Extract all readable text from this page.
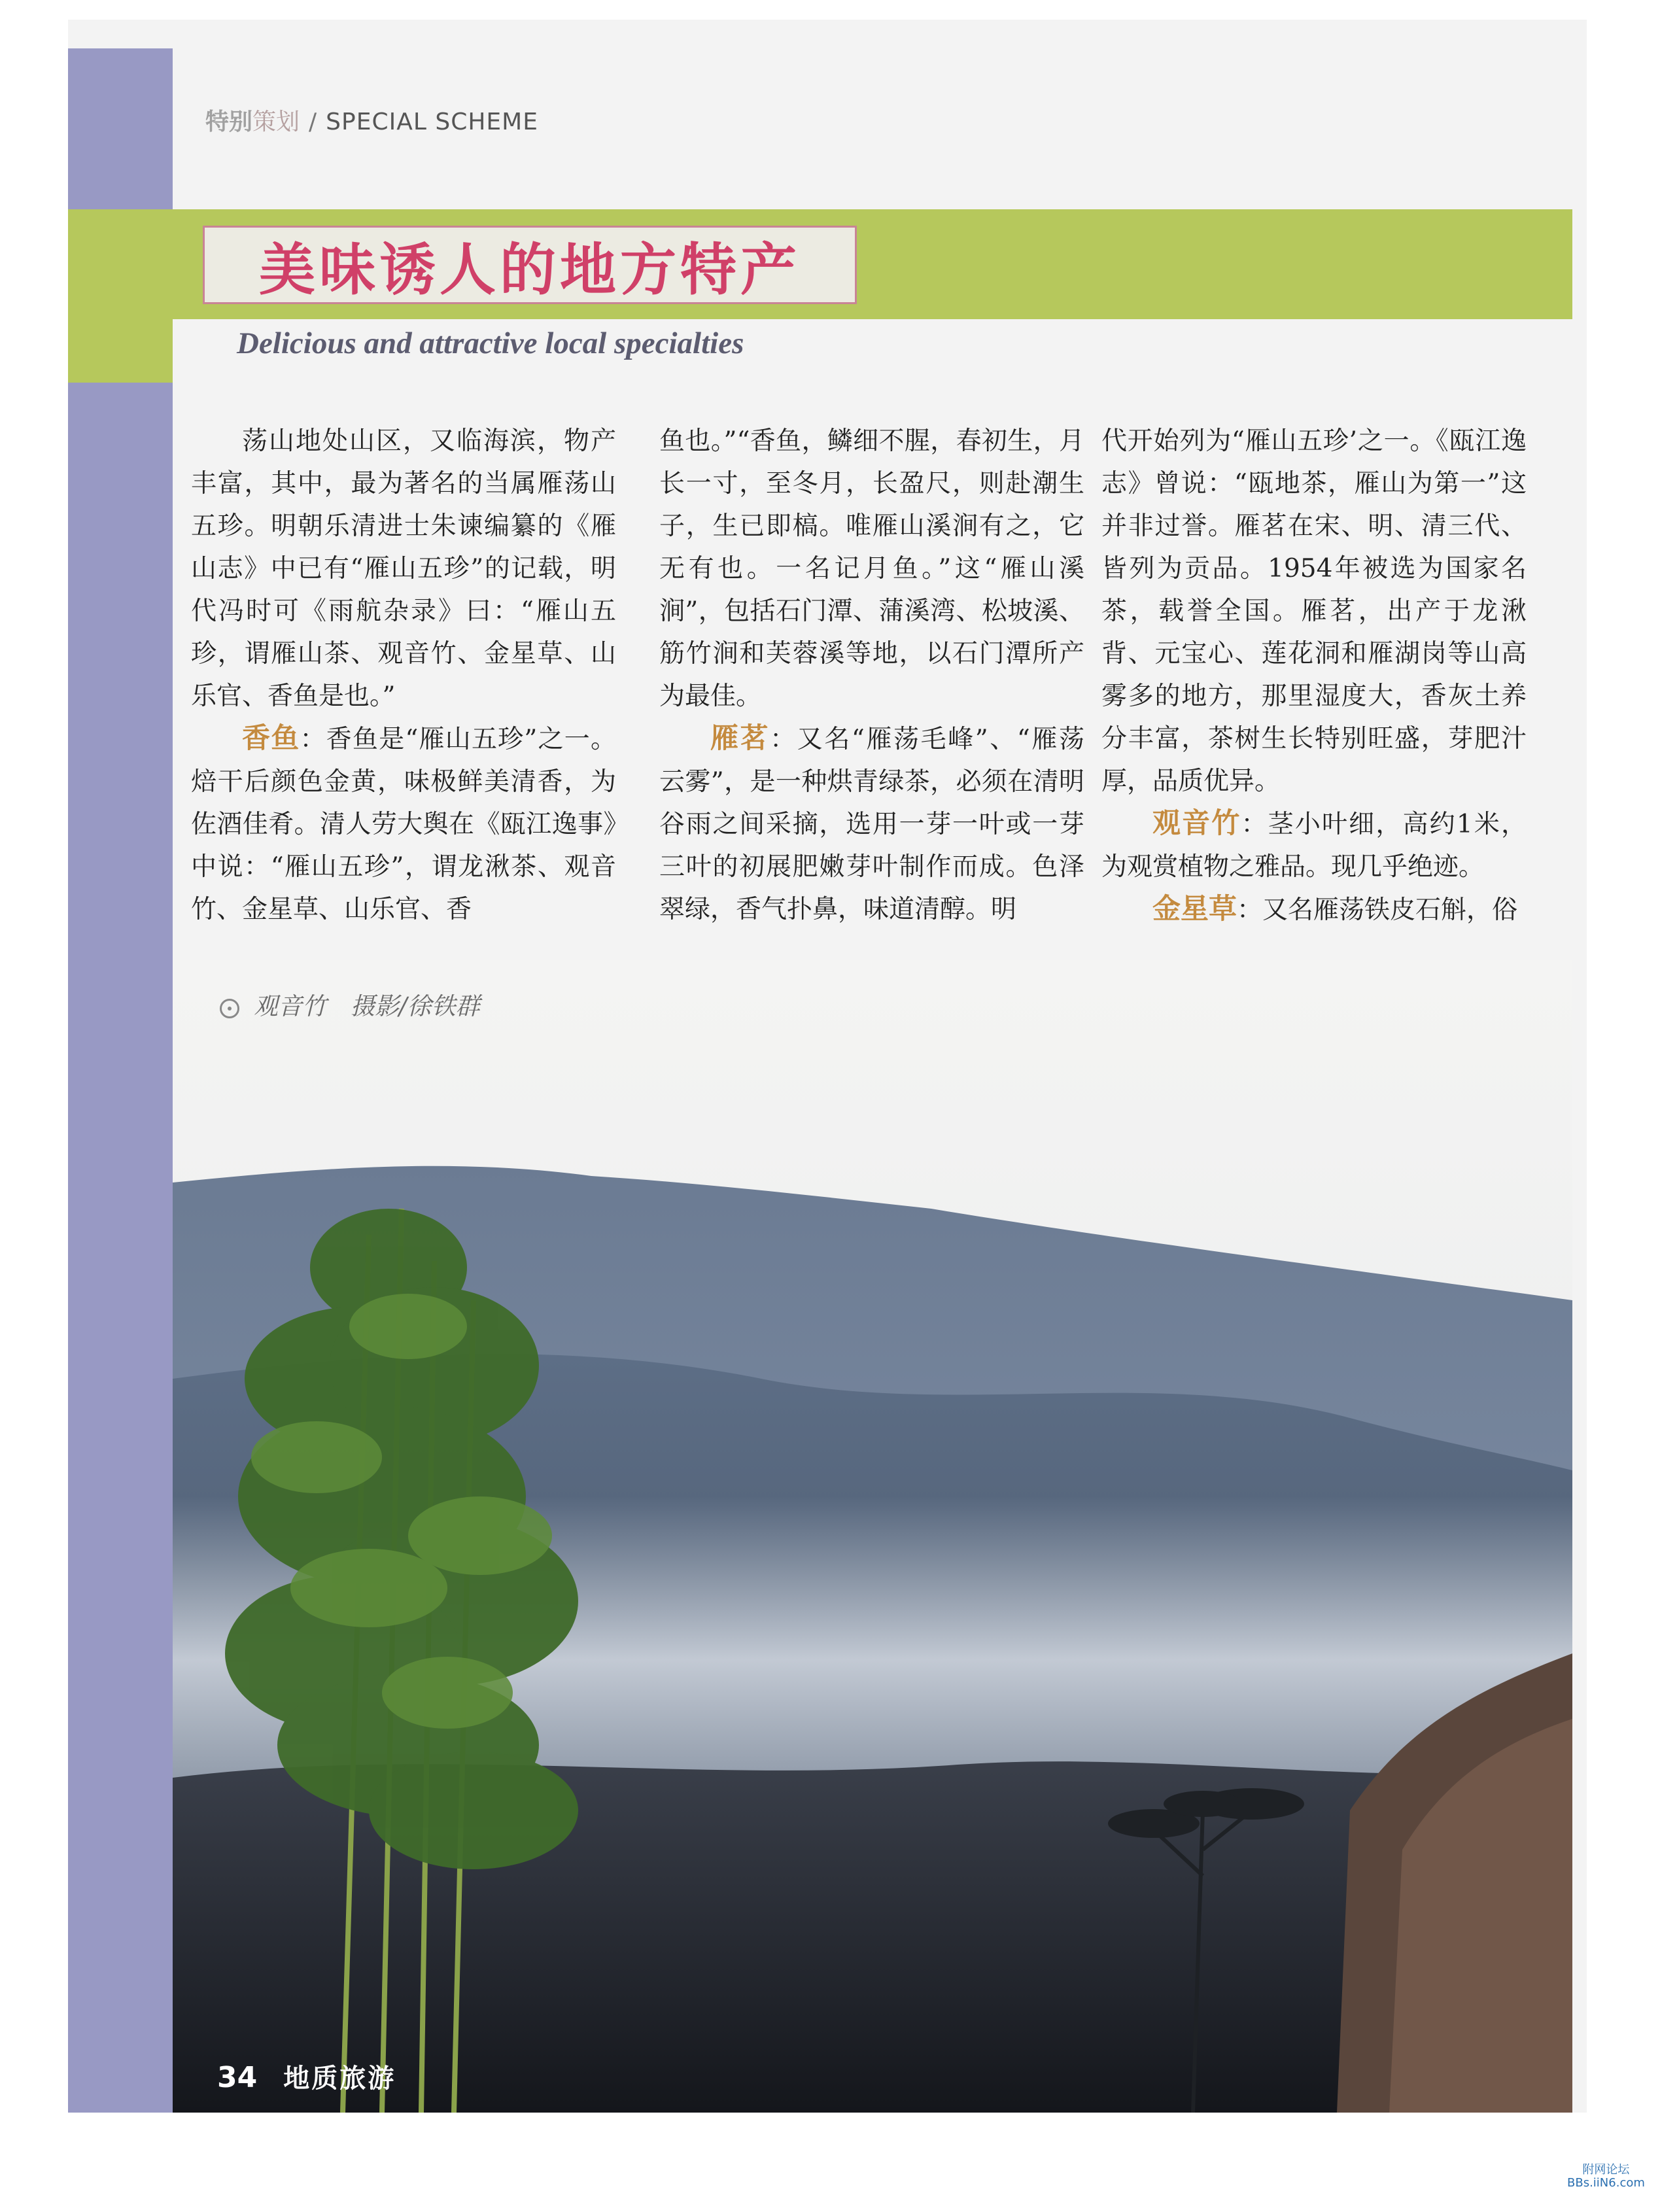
特别策划 / SPECIAL SCHEME
美味诱人的地方特产
Delicious and attractive local specialties

荡山地处山区，又临海滨，物产丰富，其中，最为著名的当属雁荡山五珍。明朝乐清进士朱谏编纂的《雁山志》中已有“雁山五珍”的记载，明代冯时可《雨航杂录》曰：“雁山五珍，谓雁山茶、观音竹、金星草、山乐官、香鱼是也。”

香鱼：香鱼是“雁山五珍”之一。焙干后颜色金黄，味极鲜美清香，为佐酒佳肴。清人劳大舆在《瓯江逸事》中说：“雁山五珍”，谓龙湫茶、观音竹、金星草、山乐官、香

鱼也。”“香鱼，鳞细不腥，春初生，月长一寸，至冬月，长盈尺，则赴潮生子，生已即槁。唯雁山溪涧有之，它无有也。一名记月鱼。”这“雁山溪涧”，包括石门潭、蒲溪湾、松坡溪、筋竹涧和芙蓉溪等地，以石门潭所产为最佳。

雁茗：又名“雁荡毛峰”、“雁荡云雾”，是一种烘青绿茶，必须在清明谷雨之间采摘，选用一芽一叶或一芽三叶的初展肥嫩芽叶制作而成。色泽翠绿，香气扑鼻，味道清醇。明

代开始列为“雁山五珍’之一。《瓯江逸志》曾说：“瓯地茶，雁山为第一”这并非过誉。雁茗在宋、明、清三代、皆列为贡品。1954年被选为国家名茶，载誉全国。雁茗，出产于龙湫背、元宝心、莲花洞和雁湖岗等山高雾多的地方，那里湿度大，香灰土养分丰富，茶树生长特别旺盛，芽肥汁厚，品质优异。

观音竹：茎小叶细，高约1米，为观赏植物之雅品。现几乎绝迹。

金星草：又名雁荡铁皮石斛，俗

观音竹　摄影/徐铁群
34 地质旅游
附网论坛
BBs.iiN6.com
